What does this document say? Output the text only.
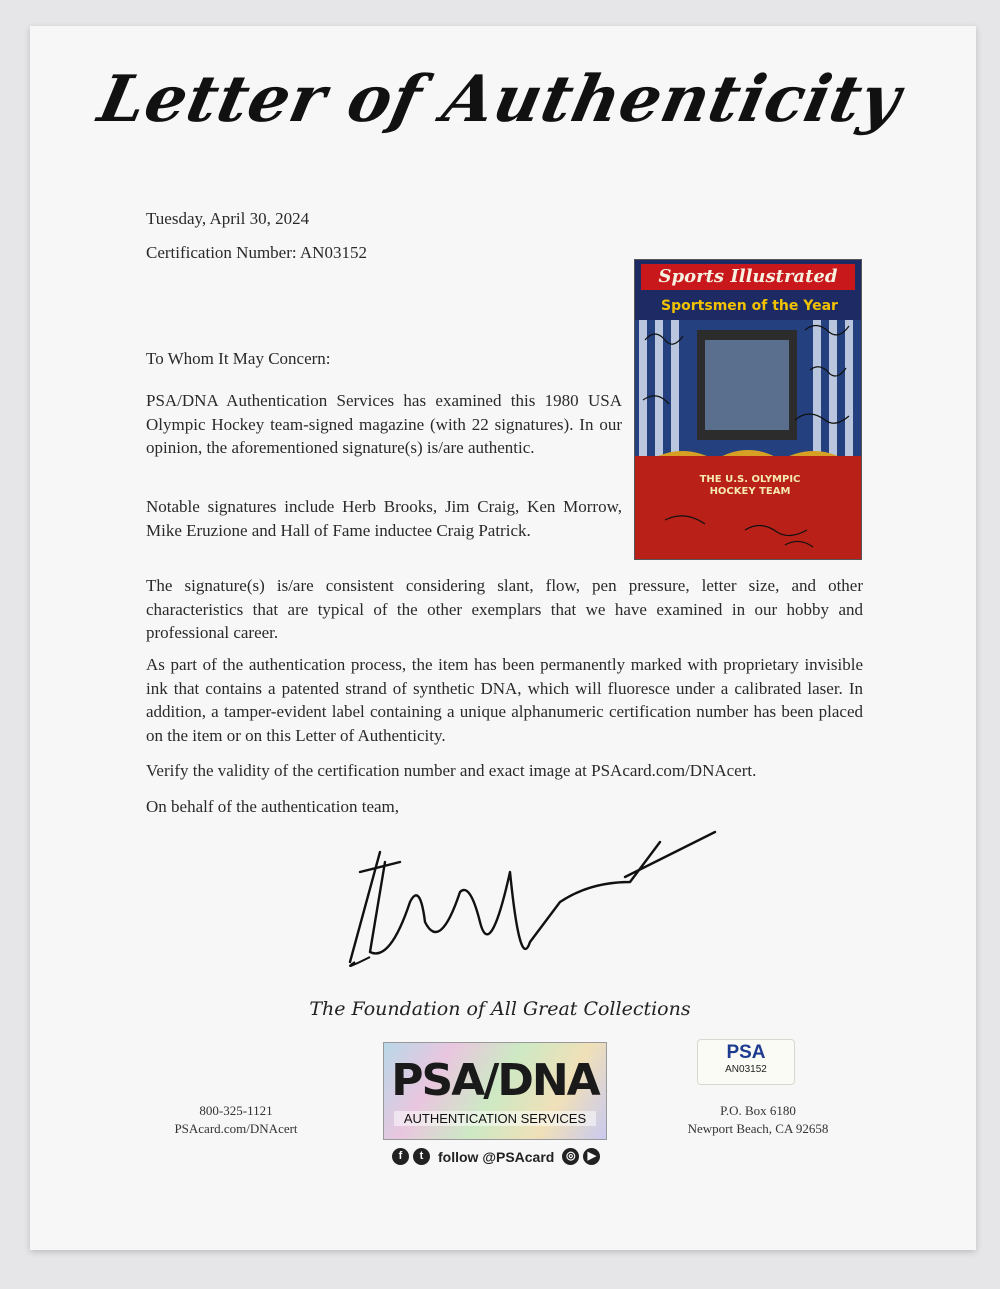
Letter of Authenticity
Tuesday, April 30, 2024
Certification Number: AN03152
To Whom It May Concern:

PSA/DNA Authentication Services has examined this 1980 USA Olympic Hockey team-signed magazine (with 22 signatures). In our opinion, the aforementioned signature(s) is/are authentic.

Notable signatures include Herb Brooks, Jim Craig, Ken Morrow, Mike Eruzione and Hall of Fame inductee Craig Patrick.

The signature(s) is/are consistent considering slant, flow, pen pressure, letter size, and other characteristics that are typical of the other exemplars that we have examined in our hobby and professional career.

As part of the authentication process, the item has been permanently marked with proprietary invisible ink that contains a patented strand of synthetic DNA, which will fluoresce under a calibrated laser. In addition, a tamper-evident label containing a unique alphanumeric certification number has been placed on the item or on this Letter of Authenticity.

Verify the validity of the certification number and exact image at PSAcard.com/DNAcert.

On behalf of the authentication team,

Sports Illustrated
Sportsmen of the Year
THE U.S. OLYMPIC HOCKEY TEAM
The Foundation of All Great Collections
800-325-1121
PSAcard.com/DNAcert
PSA/DNA
AUTHENTICATION SERVICES
f	t	follow @PSAcard	◎	▶
PSA
AN03152
P.O. Box 6180
Newport Beach, CA 92658
